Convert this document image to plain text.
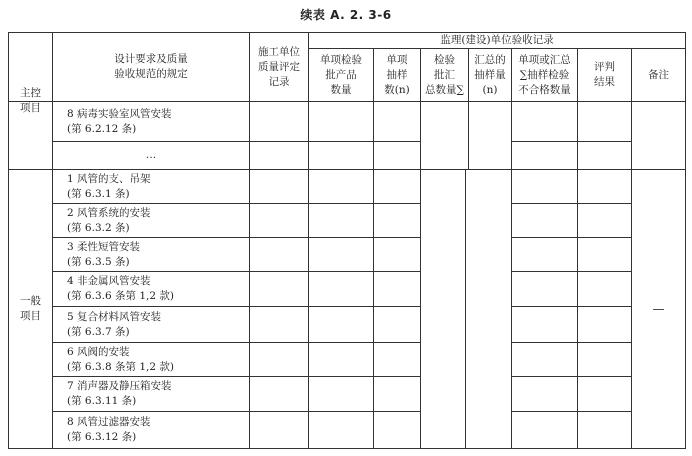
续表 A. 2. 3-6
设计要求及质量
验收规范的规定
施工单位
质量评定
记录
监理(建设)单位验收记录
单项检验
批产品
数量
单项
抽样
数(n)
检验
批汇
总数量∑
汇总的
抽样量
(n)
单项或汇总
∑抽样检验
不合格数量
评判
结果
备注
主控
项目 8 病毒实验室风管安装
(第 6.2.12 条)
…
一般
项目
1 风管的支、吊架
(第 6.3.1 条)
2 风管系统的安装
(第 6.3.2 条)
3 柔性短管安装
(第 6.3.5 条)
4 非金属风管安装
(第 6.3.6 条第 1,2 款)
5 复合材料风管安装
(第 6.3.7 条)
6 风阀的安装
(第 6.3.8 条第 1,2 款)
7 消声器及静压箱安装
(第 6.3.11 条)
8 风管过滤器安装
(第 6.3.12 条)
—
